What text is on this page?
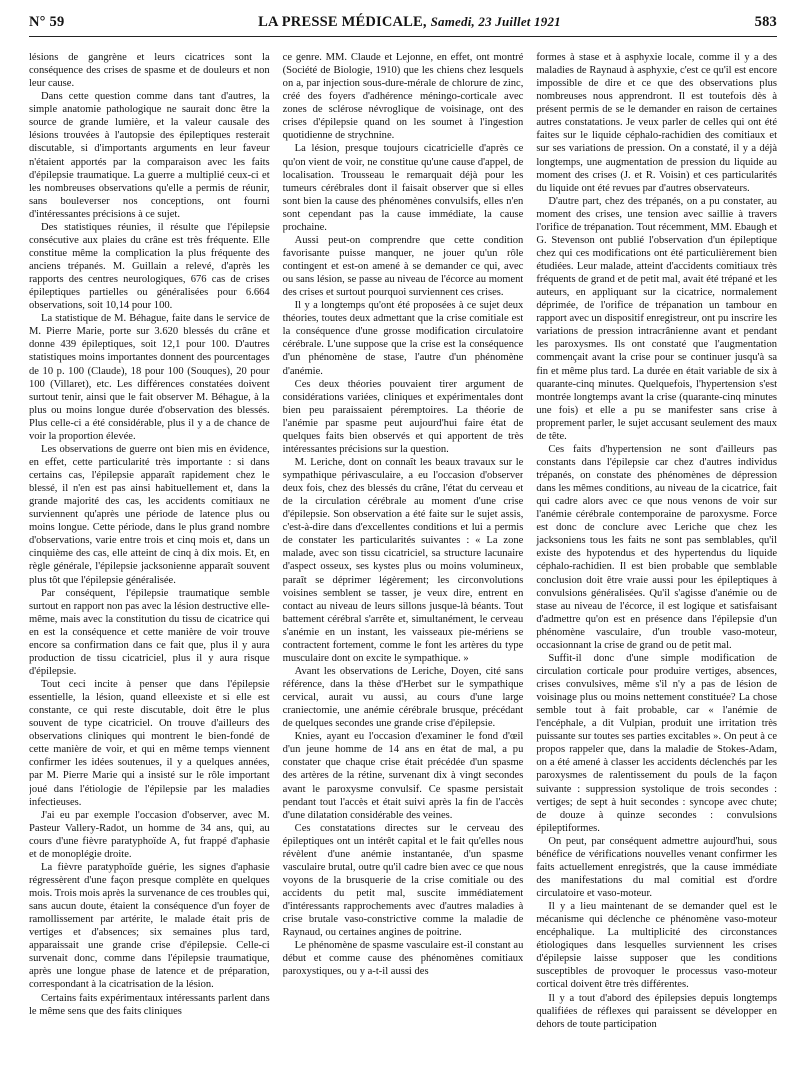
N° 59	LA PRESSE MÉDICALE, Samedi, 23 Juillet 1921	583

lésions de gangrène et leurs cicatrices sont la conséquence des crises de spasme et de douleurs et non leur cause.

Dans cette question comme dans tant d'autres, la simple anatomie pathologique ne saurait donc être la source de grande lumière, et la valeur causale des lésions trouvées à l'autopsie des épileptiques resterait discutable, si d'importants arguments en leur faveur n'étaient apportés par la comparaison avec les faits d'épilepsie traumatique. La guerre a multiplié ceux-ci et les nombreuses observations qu'elle a permis de réunir, sans bouleverser nos conceptions, ont fourni d'intéressantes précisions à ce sujet.

Des statistiques réunies, il résulte que l'épilepsie consécutive aux plaies du crâne est très fréquente. Elle constitue même la complication la plus fréquente des anciens trépanés. M. Guillain a relevé, d'après les rapports des centres neurologiques, 676 cas de crises épileptiques partielles ou généralisées pour 6.664 observations, soit 10,14 pour 100.

La statistique de M. Béhague, faite dans le service de M. Pierre Marie, porte sur 3.620 blessés du crâne et donne 439 épileptiques, soit 12,1 pour 100. D'autres statistiques moins importantes donnent des pourcentages de 10 p. 100 (Claude), 18 pour 100 (Souques), 20 pour 100 (Villaret), etc. Les différences constatées doivent surtout tenir, ainsi que le fait observer M. Béhague, à la plus ou moins longue durée d'observation des blessés. Plus celle-ci a été considérable, plus il y a de chance de voir la proportion élevée.

Les observations de guerre ont bien mis en évidence, en effet, cette particularité très importante : si dans certains cas, l'épilepsie apparaît rapidement chez le blessé, il n'en est pas ainsi habituellement et, dans la grande majorité des cas, les accidents comitiaux ne surviennent qu'après une période de latence plus ou moins longue. Cette période, dans le plus grand nombre d'observations, varie entre trois et cinq mois et, dans un cinquième des cas, elle atteint de cinq à dix mois. Et, en règle générale, l'épilepsie jacksonienne apparaît souvent plus tôt que l'épilepsie généralisée.

Par conséquent, l'épilepsie traumatique semble surtout en rapport non pas avec la lésion destructive elle-même, mais avec la constitution du tissu de cicatrice qui en est la conséquence et cette manière de voir trouve encore sa confirmation dans ce fait que, plus il y aura production de tissu cicatriciel, plus il y aura risque d'épilepsie.

Tout ceci incite à penser que dans l'épilepsie essentielle, la lésion, quand elleexiste et si elle est constante, ce qui reste discutable, doit être le plus souvent de type cicatriciel. On trouve d'ailleurs des observations cliniques qui montrent le bien-fondé de cette manière de voir, et qui en même temps viennent confirmer les idées soutenues, il y a quelques années, par M. Pierre Marie qui a insisté sur le rôle important joué dans l'étiologie de l'épilepsie par les maladies infectieuses.

J'ai eu par exemple l'occasion d'observer, avec M. Pasteur Vallery-Radot, un homme de 34 ans, qui, au cours d'une fièvre paratyphoïde A, fut frappé d'aphasie et de monoplégie droite.

La fièvre paratyphoïde guérie, les signes d'aphasie régressèrent d'une façon presque complète en quelques mois. Trois mois après la survenance de ces troubles qui, sans aucun doute, étaient la conséquence d'un foyer de ramollissement par artérite, le malade était pris de vertiges et d'absences; six semaines plus tard, apparaissait une grande crise d'épilepsie. Celle-ci survenait donc, comme dans l'épilepsie traumatique, après une longue phase de latence et de préparation, correspondant à la cicatrisation de la lésion.

Certains faits expérimentaux intéressants parlent dans le même sens que des faits cliniques

ce genre. MM. Claude et Lejonne, en effet, ont montré (Société de Biologie, 1910) que les chiens chez lesquels on a, par injection sous-dure-mérale de chlorure de zinc, créé des foyers d'adhérence méningo-corticale avec zones de sclérose névroglique de voisinage, ont des crises d'épilepsie quand on les soumet à l'ingestion quotidienne de strychnine.

La lésion, presque toujours cicatricielle d'après ce qu'on vient de voir, ne constitue qu'une cause d'appel, de localisation. Trousseau le remarquait déjà pour les tumeurs cérébrales dont il faisait observer que si elles sont bien la cause des phénomènes convulsifs, elles n'en sont cependant pas la cause immédiate, la cause prochaine.

Aussi peut-on comprendre que cette condition favorisante puisse manquer, ne jouer qu'un rôle contingent et est-on amené à se demander ce qui, avec ou sans lésion, se passe au niveau de l'écorce au moment des crises et surtout pourquoi surviennent ces crises.

Il y a longtemps qu'ont été proposées à ce sujet deux théories, toutes deux admettant que la crise comitiale est la conséquence d'une grosse modification circulatoire cérébrale. L'une suppose que la crise est la conséquence d'un phénomène de stase, l'autre d'un phénomène d'anémie.

Ces deux théories pouvaient tirer argument de considérations variées, cliniques et expérimentales dont bien peu paraissaient péremptoires. La théorie de l'anémie par spasme peut aujourd'hui faire état de quelques faits bien observés et qui apportent de très intéressantes précisions sur la question.

M. Leriche, dont on connaît les beaux travaux sur le sympathique périvasculaire, a eu l'occasion d'observer deux fois, chez des blessés du crâne, l'état du cerveau et de la circulation cérébrale au moment d'une crise d'épilepsie. Son observation a été faite sur le sujet assis, c'est-à-dire dans d'excellentes conditions et lui a permis de constater les particularités suivantes : « La zone malade, avec son tissu cicatriciel, sa structure lacunaire d'aspect osseux, ses kystes plus ou moins volumineux, paraît se déprimer légèrement; les circonvolutions voisines semblent se tasser, je veux dire, entrent en contact au niveau de leurs sillons jusque-là béants. Tout battement cérébral s'arrête et, simultanément, le cerveau s'anémie en un instant, les vaisseaux pie-mériens se contractent fortement, comme le font les artères du type musculaire dont on excite le sympathique. »

Avant les observations de Leriche, Doyen, cité sans référence, dans la thèse d'Herbet sur le sympathique cervical, aurait vu aussi, au cours d'une large craniectomie, une anémie cérébrale brusque, précédant de quelques secondes une grande crise d'épilepsie.

Knies, ayant eu l'occasion d'examiner le fond d'œil d'un jeune homme de 14 ans en état de mal, a pu constater que chaque crise était précédée d'un spasme des artères de la rétine, survenant dix à vingt secondes avant le paroxysme convulsif. Ce spasme persistait pendant tout l'accès et était suivi après la fin de l'accès d'une dilatation considérable des veines.

Ces constatations directes sur le cerveau des épileptiques ont un intérêt capital et le fait qu'elles nous révèlent d'une anémie instantanée, d'un spasme vasculaire brutal, outre qu'il cadre bien avec ce que nous voyons de la brusquerie de la crise comitiale ou des accidents du petit mal, suscite immédiatement d'intéressants rapprochements avec d'autres maladies à crise brutale vaso-constrictive comme la maladie de Raynaud, ou certaines angines de poitrine.

Le phénomène de spasme vasculaire est-il constant au début et comme cause des phénomènes comitiaux paroxystiques, ou y a-t-il aussi des

formes à stase et à asphyxie locale, comme il y a des maladies de Raynaud à asphyxie, c'est ce qu'il est encore impossible de dire et ce que des observations plus nombreuses nous apprendront. Il est toutefois dès à présent permis de se le demander en raison de certaines autres constatations. Je veux parler de celles qui ont été faites sur le liquide céphalo-rachidien des comitiaux et sur ses variations de pression. On a constaté, il y a déjà longtemps, une augmentation de pression du liquide au moment des crises (J. et R. Voisin) et ces particularités du liquide ont été revues par d'autres observateurs.

D'autre part, chez des trépanés, on a pu constater, au moment des crises, une tension avec saillie à travers l'orifice de trépanation. Tout récemment, MM. Ebaugh et G. Stevenson ont publié l'observation d'un épileptique chez qui ces modifications ont été particulièrement bien étudiées. Leur malade, atteint d'accidents comitiaux très fréquents de grand et de petit mal, avait été trépané et les auteurs, en appliquant sur la cicatrice, normalement déprimée, de l'orifice de trépanation un tambour en rapport avec un dispositif enregistreur, ont pu inscrire les variations de pression intracrânienne avant et pendant les paroxysmes. Ils ont constaté que l'augmentation commençait avant la crise pour se continuer jusqu'à sa fin et même plus tard. La durée en était variable de six à quarante-cinq minutes. Quelquefois, l'hypertension s'est montrée longtemps avant la crise (quarante-cinq minutes une fois) et elle a pu se manifester sans crise à proprement parler, le sujet accusant seulement des maux de tête.

Ces faits d'hypertension ne sont d'ailleurs pas constants dans l'épilepsie car chez d'autres individus trépanés, on constate des phénomènes de dépression dans les mêmes conditions, au niveau de la cicatrice, fait qui cadre alors avec ce que nous venons de voir sur l'anémie cérébrale contemporaine de paroxysme. Force est donc de conclure avec Leriche que chez les jacksoniens tous les faits ne sont pas semblables, qu'il existe des hypotendus et des hypertendus du liquide céphalo-rachidien. Il est bien probable que semblable conclusion doit être vraie aussi pour les épileptiques à convulsions généralisées. Qu'il s'agisse d'anémie ou de stase au niveau de l'écorce, il est logique et satisfaisant d'admettre qu'on est en présence dans l'épilepsie d'un phénomène vasculaire, d'un trouble vaso-moteur, occasionnant la crise de grand ou de petit mal.

Suffit-il donc d'une simple modification de circulation corticale pour produire vertiges, absences, crises convulsives, même s'il n'y a pas de lésion de voisinage plus ou moins nettement constituée? La chose semble tout à fait probable, car « l'anémie de l'encéphale, a dit Vulpian, produit une irritation très puissante sur toutes ses parties excitables ». On peut à ce propos rappeler que, dans la maladie de Stokes-Adam, on a été amené à classer les accidents déclenchés par les paroxysmes de ralentissement du pouls de la façon suivante : suppression systolique de trois secondes : vertiges; de sept à huit secondes : syncope avec chute; de douze à quinze secondes : convulsions épileptiformes.

On peut, par conséquent admettre aujourd'hui, sous bénéfice de vérifications nouvelles venant confirmer les faits actuellement enregistrés, que la cause immédiate des manifestations du mal comitial est d'ordre circulatoire et vaso-moteur.

Il y a lieu maintenant de se demander quel est le mécanisme qui déclenche ce phénomène vaso-moteur encéphalique. La multiplicité des circonstances étiologiques dans lesquelles surviennent les crises d'épilepsie laisse supposer que les conditions susceptibles de provoquer le processus vaso-moteur cortical doivent être très différentes.

Il y a tout d'abord des épilepsies depuis longtemps qualifiées de réflexes qui paraissent se développer en dehors de toute participation
